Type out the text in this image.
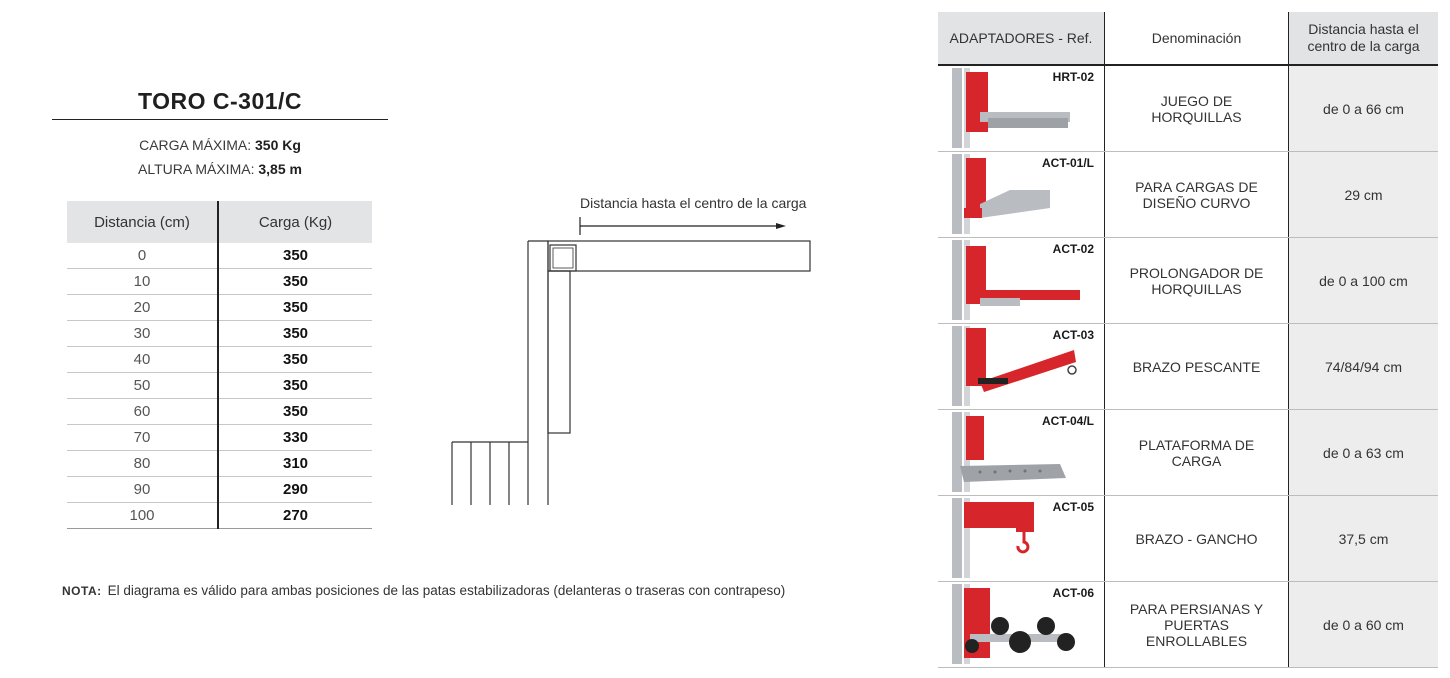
TORO C-301/C
CARGA MÁXIMA: 350 Kg
ALTURA MÁXIMA: 3,85 m
Distancia (cm)	Carga (Kg)
0	350
10	350
20	350
30	350
40	350
50	350
60	350
70	330
80	310
90	290
100	270
NOTA: El diagrama es válido para ambas posiciones de las patas estabilizadoras (delanteras o traseras con contrapeso)
Distancia hasta el centro de la carga
ADAPTADORES - Ref.	Denominación	Distancia hasta el centro de la carga

HRT-02	JUEGO DE HORQUILLAS	de 0 a 66 cm

ACT-01/L	PARA CARGAS DE DISEÑO CURVO	29 cm

ACT-02	PROLONGADOR DE HORQUILLAS	de 0 a 100 cm

ACT-03	BRAZO PESCANTE	74/84/94 cm

ACT-04/L	PLATAFORMA DE CARGA	de 0 a 63 cm

ACT-05	BRAZO - GANCHO	37,5 cm

ACT-06	PARA PERSIANAS Y PUERTAS ENROLLABLES	de 0 a 60 cm
